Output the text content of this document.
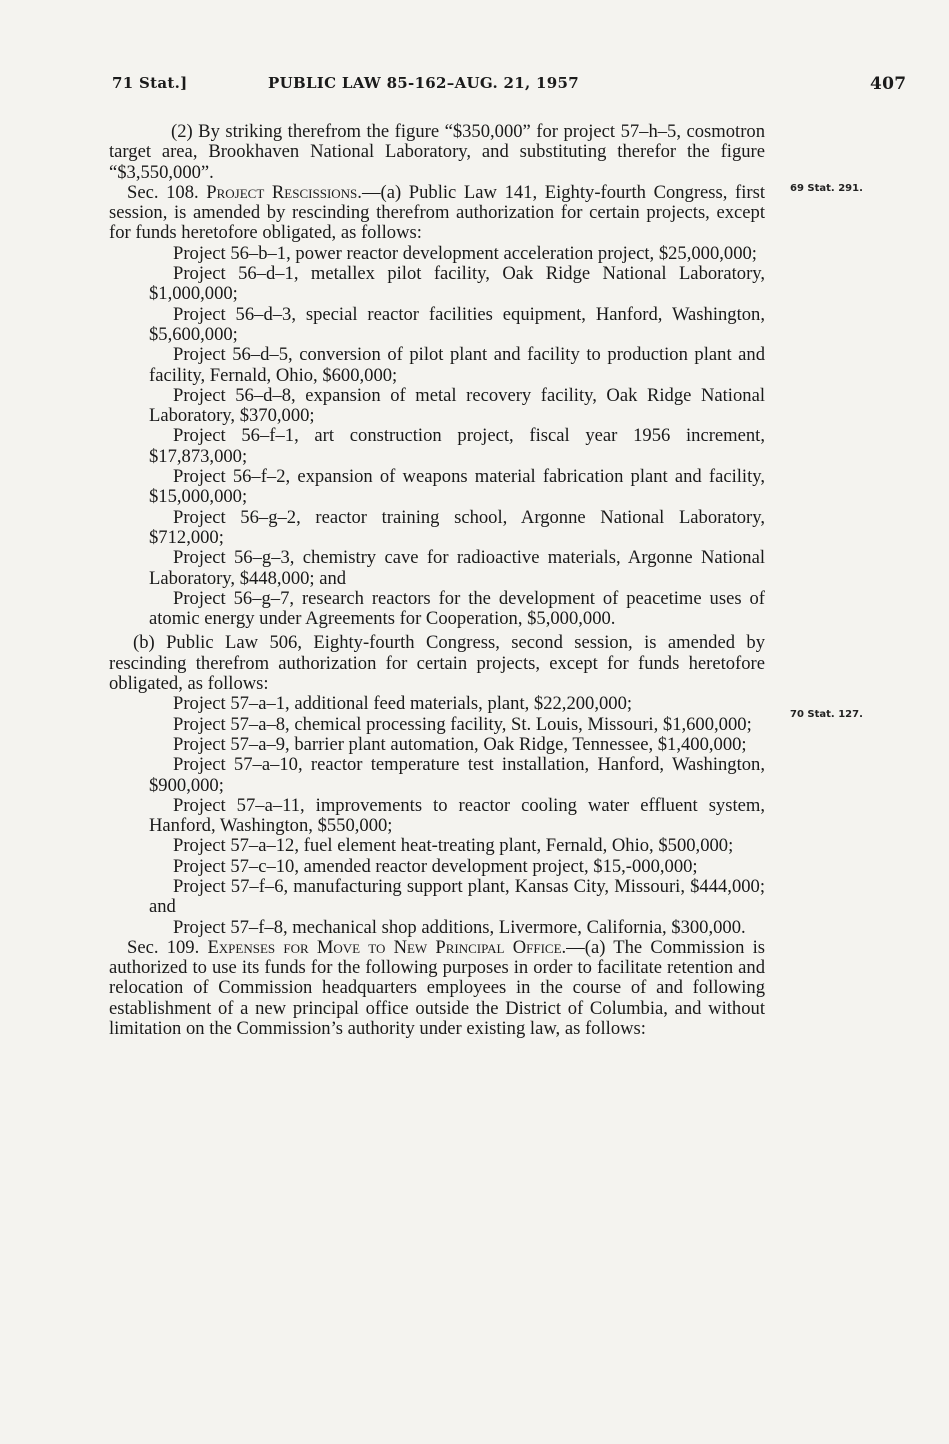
71 Stat.]	PUBLIC LAW 85-162–AUG. 21, 1957	407
69 Stat. 291.
70 Stat. 127.

(2) By striking therefrom the figure “$350,000” for project 57–h–5, cosmotron target area, Brookhaven National Laboratory, and substituting therefor the figure “$3,550,000”.

Sec. 108. Project Rescissions.—(a) Public Law 141, Eighty-fourth Congress, first session, is amended by rescinding therefrom authorization for certain projects, except for funds heretofore obligated, as follows:

Project 56–b–1, power reactor development acceleration project, $25,000,000;

Project 56–d–1, metallex pilot facility, Oak Ridge National Laboratory, $1,000,000;

Project 56–d–3, special reactor facilities equipment, Hanford, Washington, $5,600,000;

Project 56–d–5, conversion of pilot plant and facility to production plant and facility, Fernald, Ohio, $600,000;

Project 56–d–8, expansion of metal recovery facility, Oak Ridge National Laboratory, $370,000;

Project 56–f–1, art construction project, fiscal year 1956 increment, $17,873,000;

Project 56–f–2, expansion of weapons material fabrication plant and facility, $15,000,000;

Project 56–g–2, reactor training school, Argonne National Laboratory, $712,000;

Project 56–g–3, chemistry cave for radioactive materials, Argonne National Laboratory, $448,000; and

Project 56–g–7, research reactors for the development of peacetime uses of atomic energy under Agreements for Cooperation, $5,000,000.

(b) Public Law 506, Eighty-fourth Congress, second session, is amended by rescinding therefrom authorization for certain projects, except for funds heretofore obligated, as follows:

Project 57–a–1, additional feed materials, plant, $22,200,000;

Project 57–a–8, chemical processing facility, St. Louis, Missouri, $1,600,000;

Project 57–a–9, barrier plant automation, Oak Ridge, Tennessee, $1,400,000;

Project 57–a–10, reactor temperature test installation, Hanford, Washington, $900,000;

Project 57–a–11, improvements to reactor cooling water effluent system, Hanford, Washington, $550,000;

Project 57–a–12, fuel element heat-treating plant, Fernald, Ohio, $500,000;

Project 57–c–10, amended reactor development project, $15,-000,000;

Project 57–f–6, manufacturing support plant, Kansas City, Missouri, $444,000; and

Project 57–f–8, mechanical shop additions, Livermore, California, $300,000.

Sec. 109. Expenses for Move to New Principal Office.—(a) The Commission is authorized to use its funds for the following purposes in order to facilitate retention and relocation of Commission headquarters employees in the course of and following establishment of a new principal office outside the District of Columbia, and without limitation on the Commission’s authority under existing law, as follows:
